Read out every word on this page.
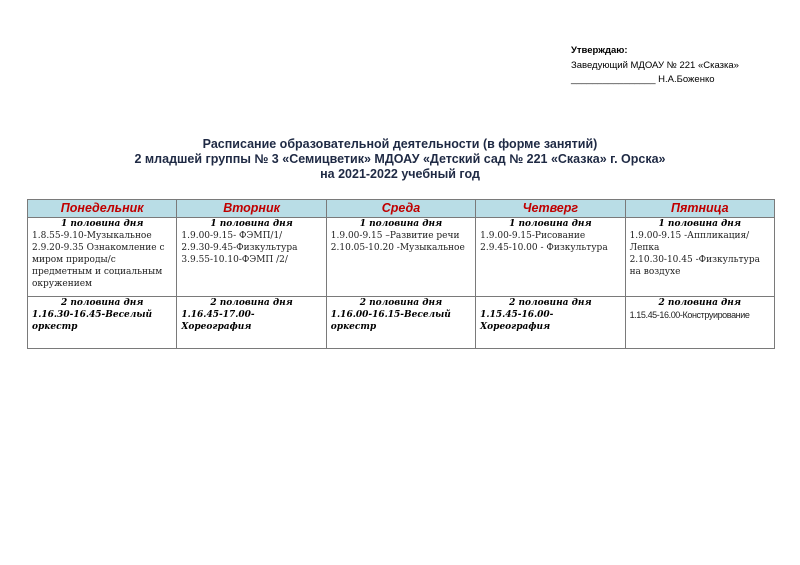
Утверждаю:
Заведующий МДОАУ № 221 «Сказка»
________________ Н.А.Боженко
Расписание образовательной деятельности (в форме занятий)
2 младшей группы № 3 «Семицветик» МДОАУ «Детский сад № 221 «Сказка» г. Орска»
на 2021-2022 учебный год
Понедельник	Вторник	Среда	Четверг	Пятница

1 половина дня
1.8.55-9.10-Музыкальное
2.9.20-9.35 Ознакомление с миром природы/с предметным и социальным окружением	1 половина дня
1.9.00-9.15- ФЭМП/1/
2.9.30-9.45-Физкультура
3.9.55-10.10-ФЭМП /2/	1 половина дня
1.9.00-9.15 –Развитие речи
2.10.05-10.20 -Музыкальное	1 половина дня
1.9.00-9.15-Рисование
2.9.45-10.00 - Физкультура	1 половина дня
1.9.00-9.15 -Аппликация/ Лепка
2.10.30-10.45 -Физкультура на воздухе

2 половина дня
1.16.30-16.45-Веселый оркестр	2 половина дня
1.16.45-17.00-Хореография	2 половина дня
1.16.00-16.15-Веселый оркестр	2 половина дня
1.15.45-16.00-Хореография	2 половина дня
1.15.45-16.00-Конструирование
